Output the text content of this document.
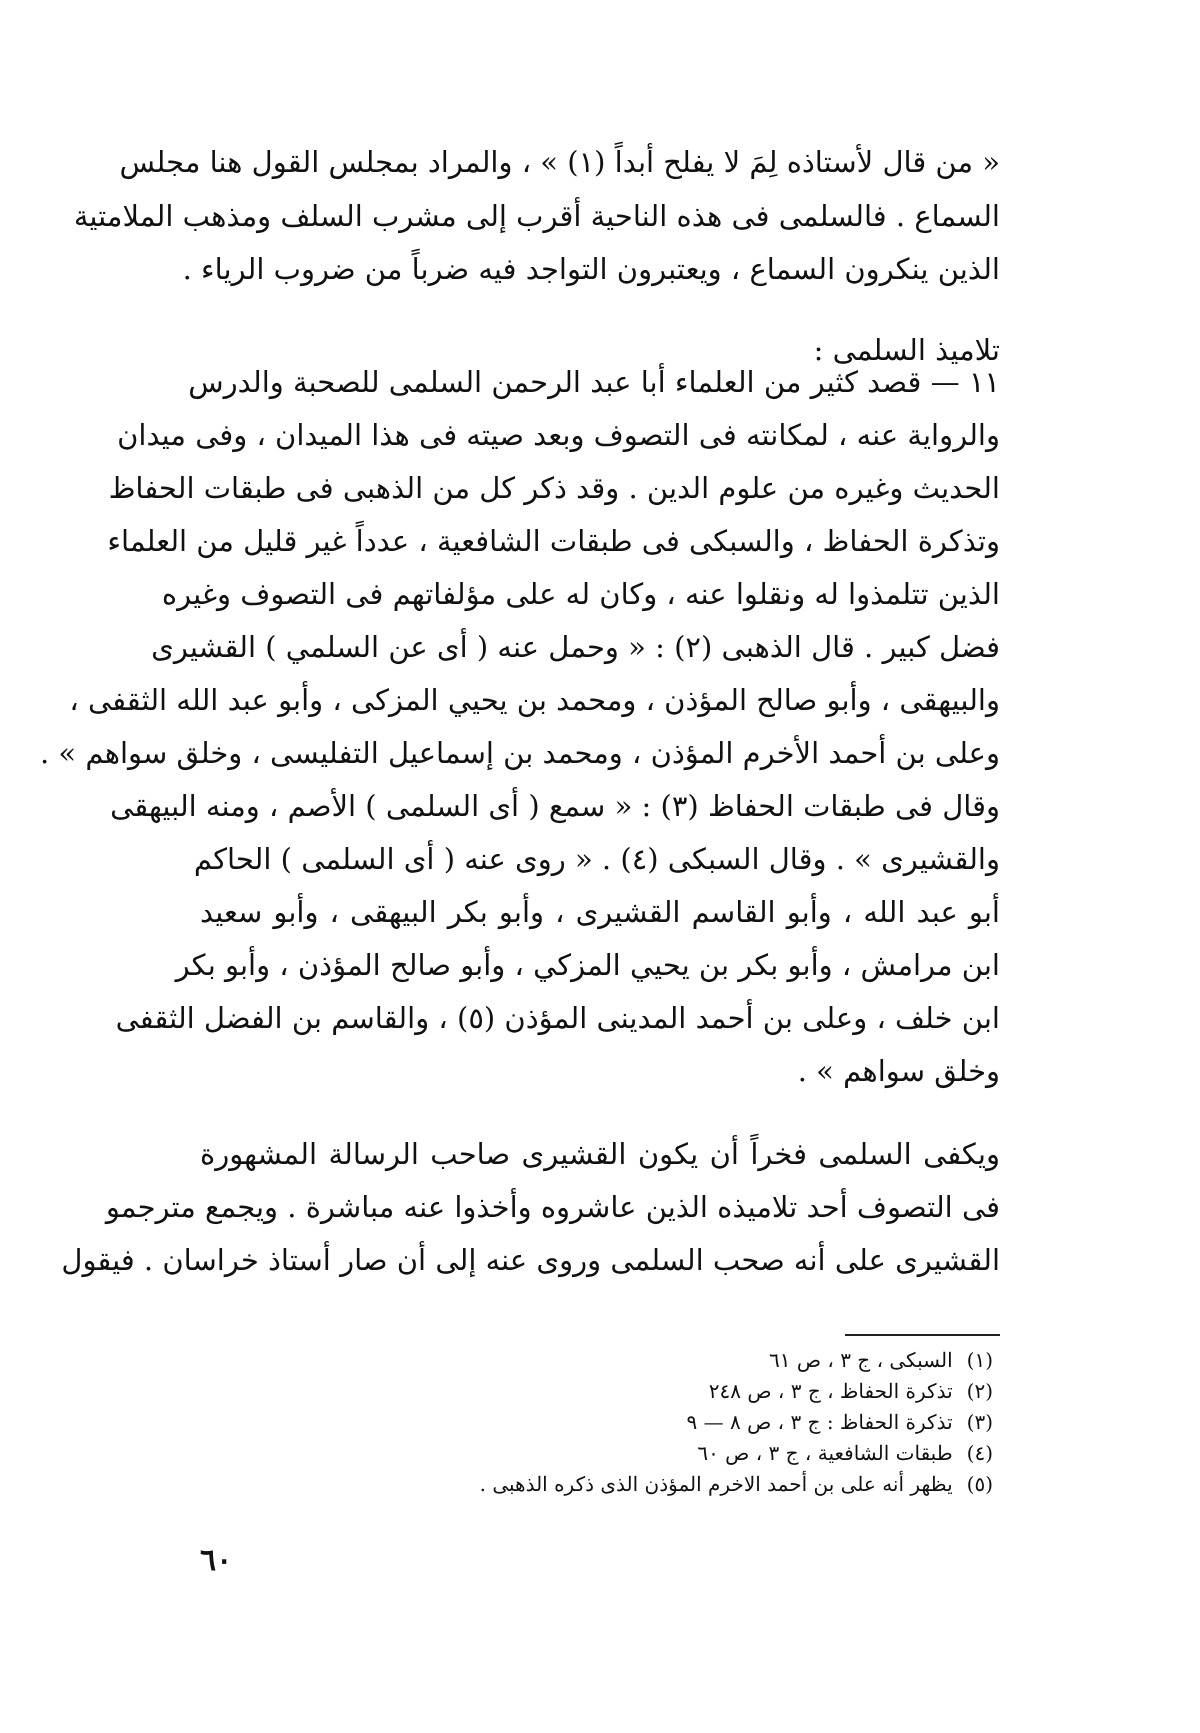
« من قال لأستاذه لِمَ لا يفلح أبداً (١) » ، والمراد بمجلس القول هنا مجلس
السماع . فالسلمى فى هذه الناحية أقرب إلى مشرب السلف ومذهب الملامتية
الذين ينكرون السماع ، ويعتبرون التواجد فيه ضرباً من ضروب الرياء .
تلاميذ السلمى :
١١ — قصد كثير من العلماء أبا عبد الرحمن السلمى للصحبة والدرس
والرواية عنه ، لمكانته فى التصوف وبعد صيته فى هذا الميدان ، وفى ميدان
الحديث وغيره من علوم الدين . وقد ذكر كل من الذهبى فى طبقات الحفاظ
وتذكرة الحفاظ ، والسبكى فى طبقات الشافعية ، عدداً غير قليل من العلماء
الذين تتلمذوا له ونقلوا عنه ، وكان له على مؤلفاتهم فى التصوف وغيره
فضل كبير . قال الذهبى (٢) : « وحمل عنه ( أى عن السلمي ) القشيرى
والبيهقى ، وأبو صالح المؤذن ، ومحمد بن يحيي المزكى ، وأبو عبد الله الثقفى ،
وعلى بن أحمد الأخرم المؤذن ، ومحمد بن إسماعيل التفليسى ، وخلق سواهم » .
وقال فى طبقات الحفاظ (٣) : « سمع ( أى السلمى ) الأصم ، ومنه البيهقى
والقشيرى » . وقال السبكى (٤) . « روى عنه ( أى السلمى ) الحاكم
أبو عبد الله ، وأبو القاسم القشيرى ، وأبو بكر البيهقى ، وأبو سعيد
ابن مرامش ، وأبو بكر بن يحيي المزكي ، وأبو صالح المؤذن ، وأبو بكر
ابن خلف ، وعلى بن أحمد المدينى المؤذن (٥) ، والقاسم بن الفضل الثقفى
وخلق سواهم » .
ويكفى السلمى فخراً أن يكون القشيرى صاحب الرسالة المشهورة
فى التصوف أحد تلاميذه الذين عاشروه وأخذوا عنه مباشرة . ويجمع مترجمو
القشيرى على أنه صحب السلمى وروى عنه إلى أن صار أستاذ خراسان . فيقول
(١) السبكى ، ج ٣ ، ص ٦١
(٢) تذكرة الحفاظ ، ج ٣ ، ص ٢٤٨
(٣) تذكرة الحفاظ : ج ٣ ، ص ٨ — ٩
(٤) طبقات الشافعية ، ج ٣ ، ص ٦٠
(٥) يظهر أنه على بن أحمد الاخرم المؤذن الذى ذكره الذهبى .
٦٠
